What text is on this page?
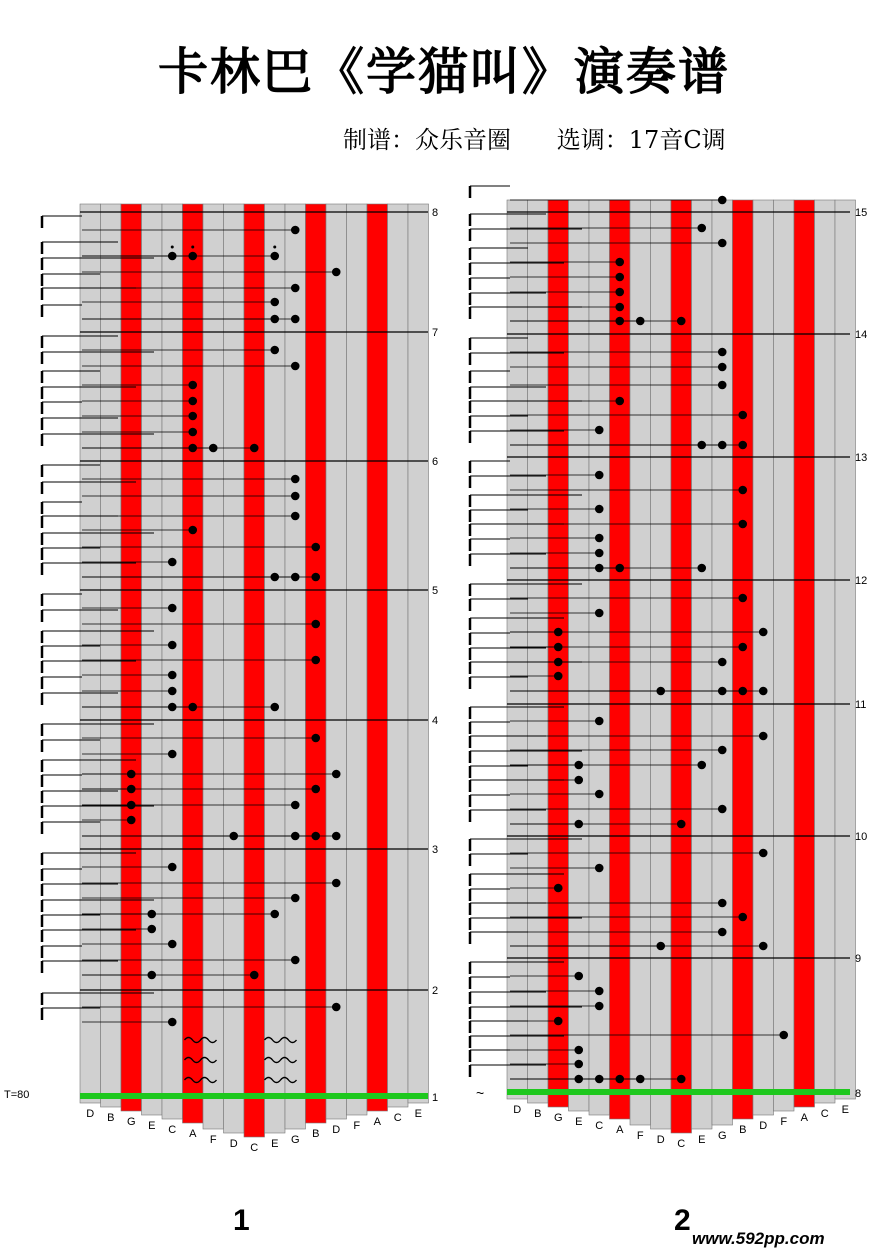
卡林巴《学猫叫》演奏谱
制谱：众乐音圈 选调：17音C调
D B G E C A F D C E G B D F A C E
8
7
6
5
4
3
2
1
D B G E C A F D C E G B D F A C E
15
14
13
12
11
10
9
8
T=80	~
1	2
www.592pp.com
